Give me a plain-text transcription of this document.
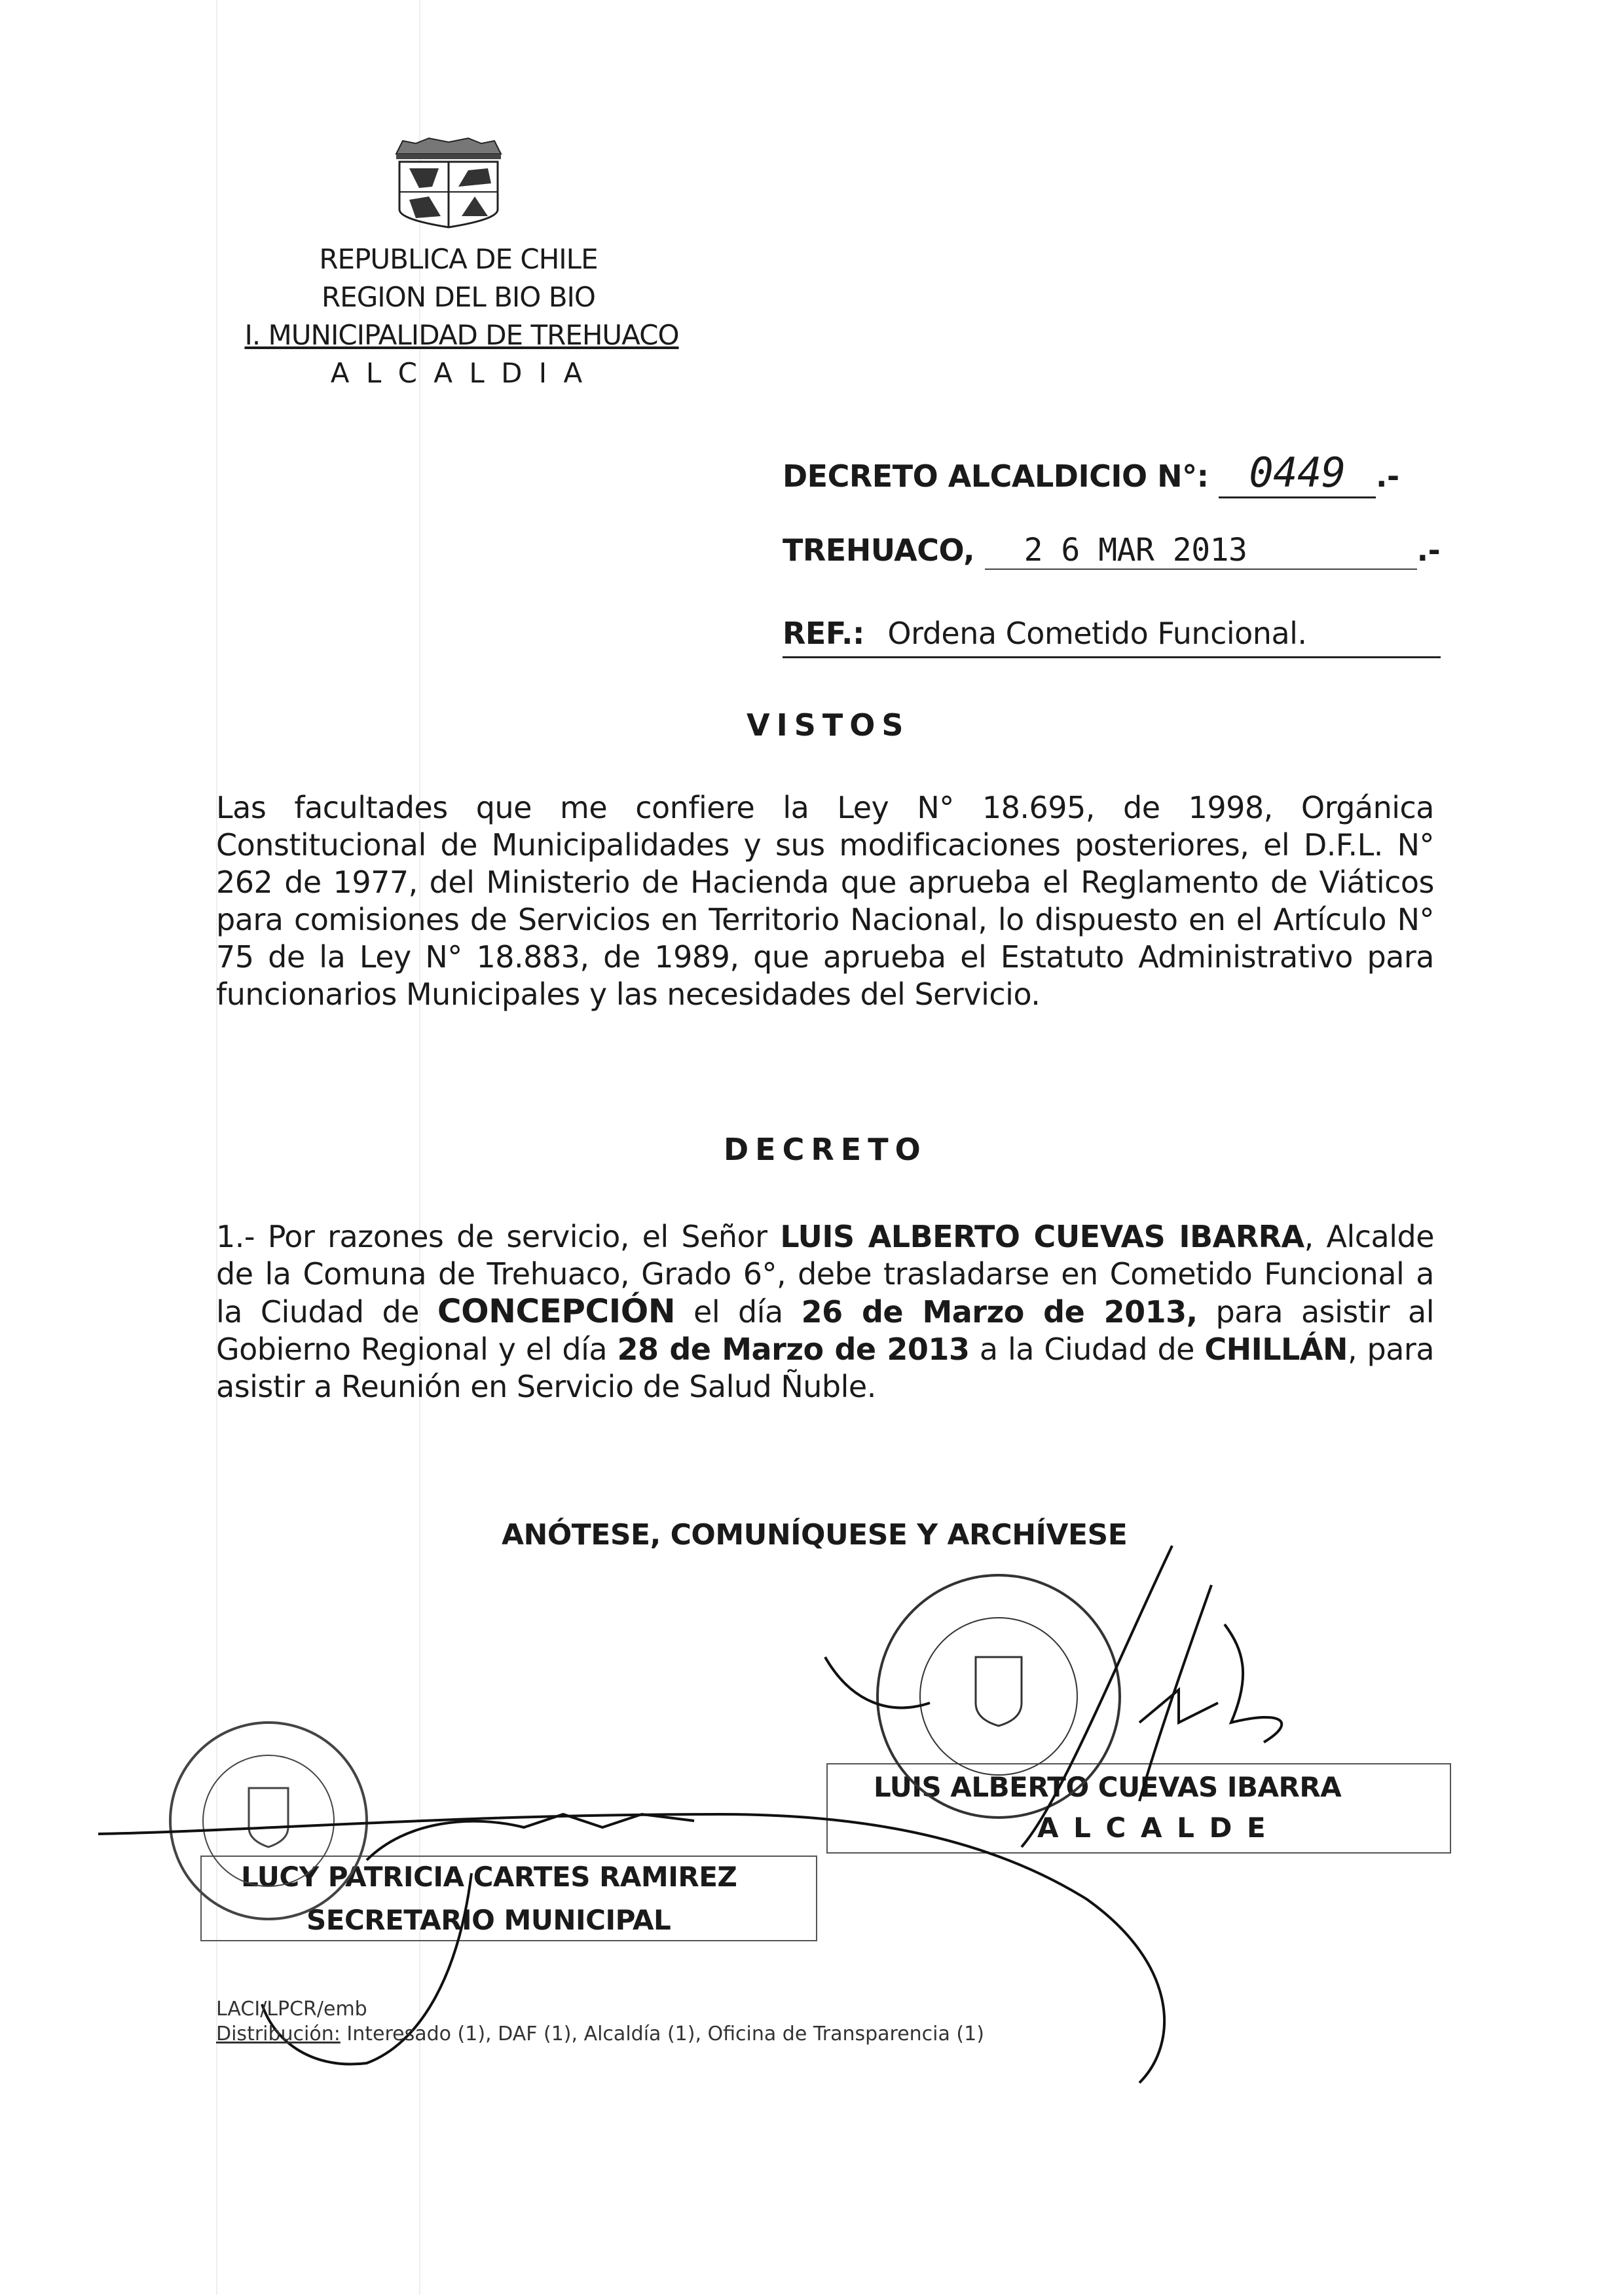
REPUBLICA DE CHILE
REGION DEL BIO BIO
I. MUNICIPALIDAD DE TREHUACO
A L C A L D I A
DECRETO ALCALDICIO N°: 0449 .-
TREHUACO, 2 6 MAR 2013	.-
REF.: Ordena Cometido Funcional.
VISTOS
Las facultades que me confiere la Ley N° 18.695, de 1998, Orgánica Constitucional de Municipalidades y sus modificaciones posteriores, el D.F.L. N° 262 de 1977, del Ministerio de Hacienda que aprueba el Reglamento de Viáticos para comisiones de Servicios en Territorio Nacional, lo dispuesto en el Artículo N° 75 de la Ley N° 18.883, de 1989, que aprueba el Estatuto Administrativo para funcionarios Municipales y las necesidades del Servicio.
DECRETO
1.- Por razones de servicio, el Señor LUIS ALBERTO CUEVAS IBARRA, Alcalde de la Comuna de Trehuaco, Grado 6°, debe trasladarse en Cometido Funcional a la Ciudad de CONCEPCIÓN el día 26 de Marzo de 2013, para asistir al Gobierno Regional y el día 28 de Marzo de 2013 a la Ciudad de CHILLÁN, para asistir a Reunión en Servicio de Salud Ñuble.
ANÓTESE, COMUNÍQUESE Y ARCHÍVESE
LUIS ALBERTO CUEVAS IBARRA
A L C A L D E
LUCY PATRICIA CARTES RAMIREZ
SECRETARIO MUNICIPAL
LACI/LPCR/emb
Distribución: Interesado (1), DAF (1), Alcaldía (1), Oficina de Transparencia (1)
